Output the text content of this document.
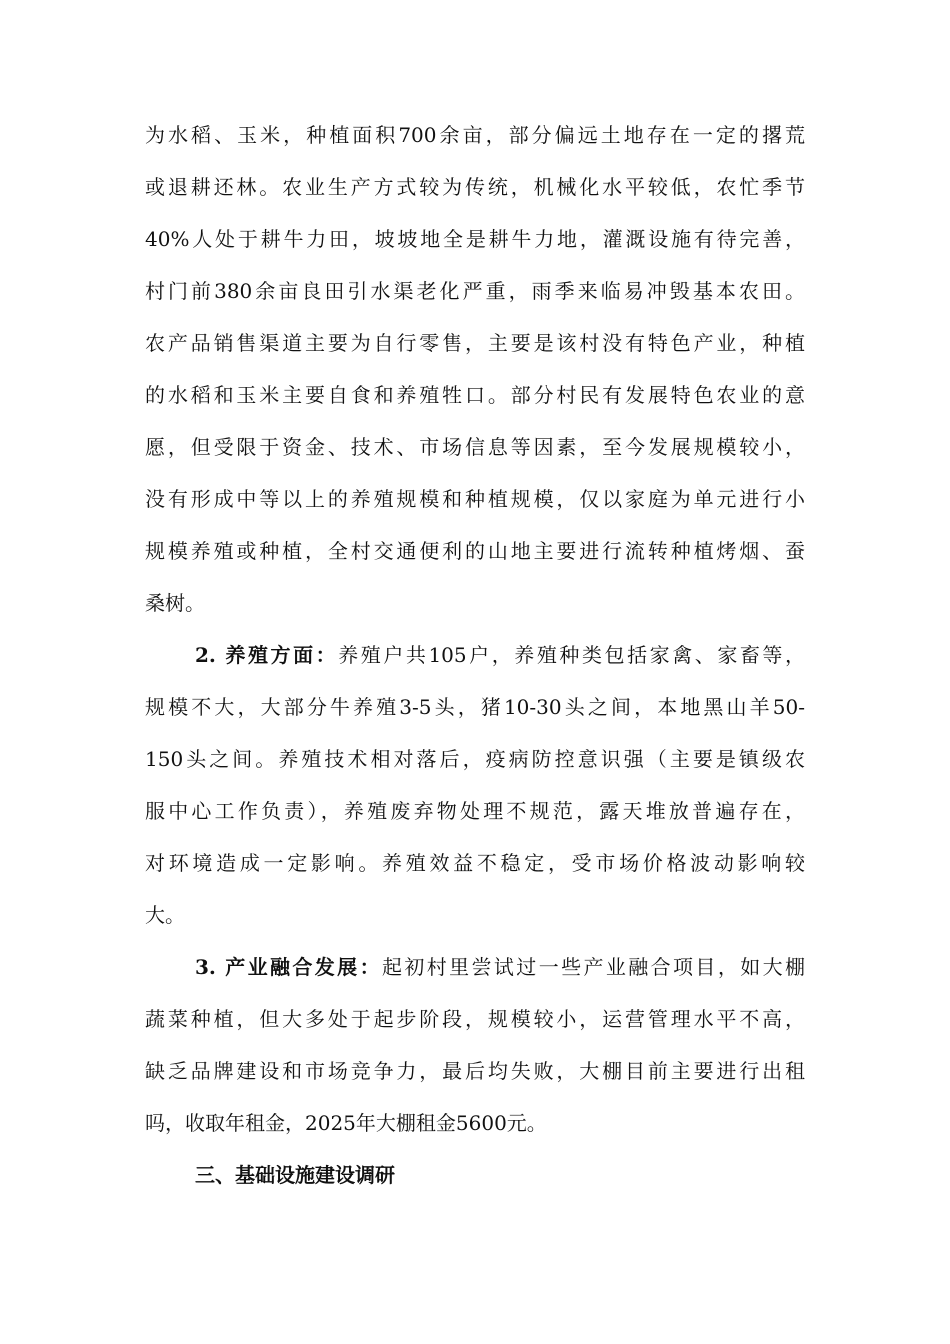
为水稻、玉米，种植面积700余亩，部分偏远土地存在一定的撂荒
或退耕还林。农业生产方式较为传统，机械化水平较低，农忙季节
40%人处于耕牛力田，坡坡地全是耕牛力地，灌溉设施有待完善，
村门前380余亩良田引水渠老化严重，雨季来临易冲毁基本农田。
农产品销售渠道主要为自行零售，主要是该村没有特色产业，种植
的水稻和玉米主要自食和养殖牲口。部分村民有发展特色农业的意
愿，但受限于资金、技术、市场信息等因素，至今发展规模较小，
没有形成中等以上的养殖规模和种植规模，仅以家庭为单元进行小
规模养殖或种植，全村交通便利的山地主要进行流转种植烤烟、蚕
桑树。
2. 养殖方面：养殖户共105户，养殖种类包括家禽、家畜等，
规模不大，大部分牛养殖3-5头，猪10-30头之间，本地黑山羊50-
150头之间。养殖技术相对落后，疫病防控意识强（主要是镇级农
服中心工作负责），养殖废弃物处理不规范，露天堆放普遍存在，
对环境造成一定影响。养殖效益不稳定，受市场价格波动影响较
大。
3. 产业融合发展：起初村里尝试过一些产业融合项目，如大棚
蔬菜种植，但大多处于起步阶段，规模较小，运营管理水平不高，
缺乏品牌建设和市场竞争力，最后均失败，大棚目前主要进行出租
吗，收取年租金，2025年大棚租金5600元。
三、基础设施建设调研
